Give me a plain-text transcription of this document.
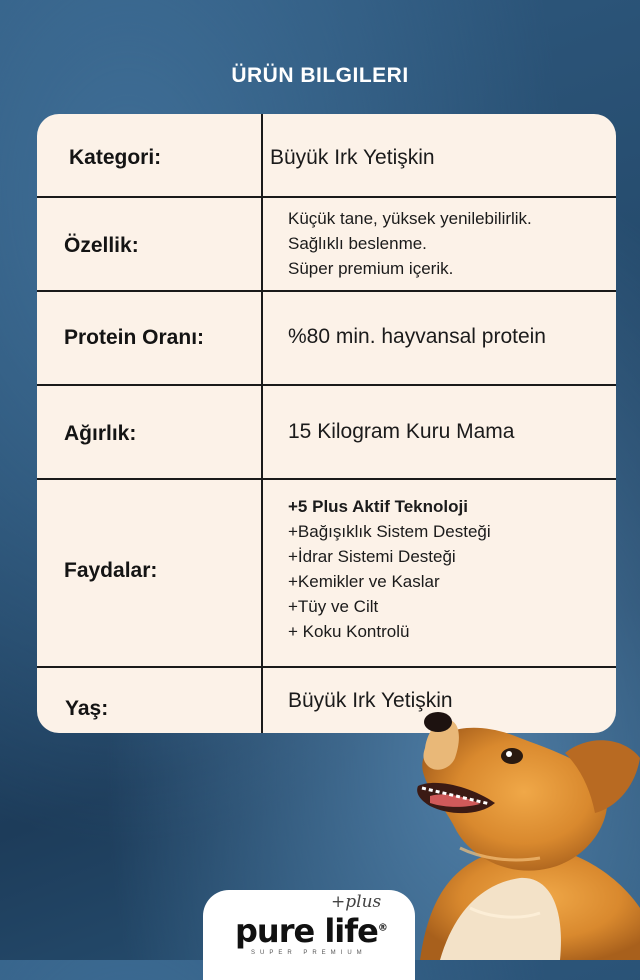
ÜRÜN BILGILERI
Kategori:	Büyük Irk Yetişkin
Özellik:
Küçük tane, yüksek yenilebilirlik.
Sağlıklı beslenme.
Süper premium içerik.
Protein Oranı:	%80 min. hayvansal protein
Ağırlık:	15 Kilogram Kuru Mama
Faydalar:
+5 Plus Aktif Teknoloji
+Bağışıklık Sistem Desteği
+İdrar Sistemi Desteği
+Kemikler ve Kaslar
+Tüy ve Cilt
+ Koku Kontrolü
Yaş:	Büyük Irk Yetişkin
+plus
pure life®
SUPER PREMIUM
